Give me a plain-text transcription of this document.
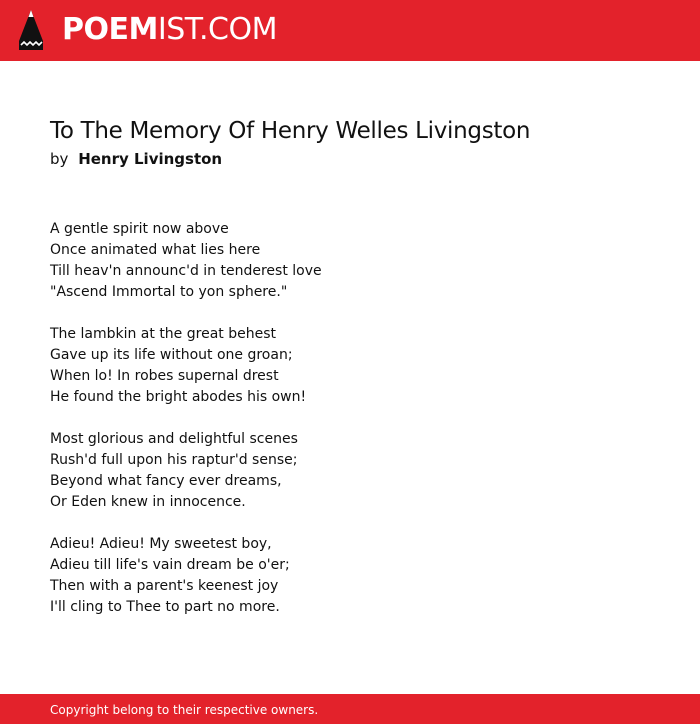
POEMIST.COM
To The Memory Of Henry Welles Livingston
by Henry Livingston
A gentle spirit now above
Once animated what lies here
Till heav'n announc'd in tenderest love
"Ascend Immortal to yon sphere."
The lambkin at the great behest
Gave up its life without one groan;
When lo! In robes supernal drest
He found the bright abodes his own!
Most glorious and delightful scenes
Rush'd full upon his raptur'd sense;
Beyond what fancy ever dreams,
Or Eden knew in innocence.
Adieu! Adieu! My sweetest boy,
Adieu till life's vain dream be o'er;
Then with a parent's keenest joy
I'll cling to Thee to part no more.
Copyright belong to their respective owners.
